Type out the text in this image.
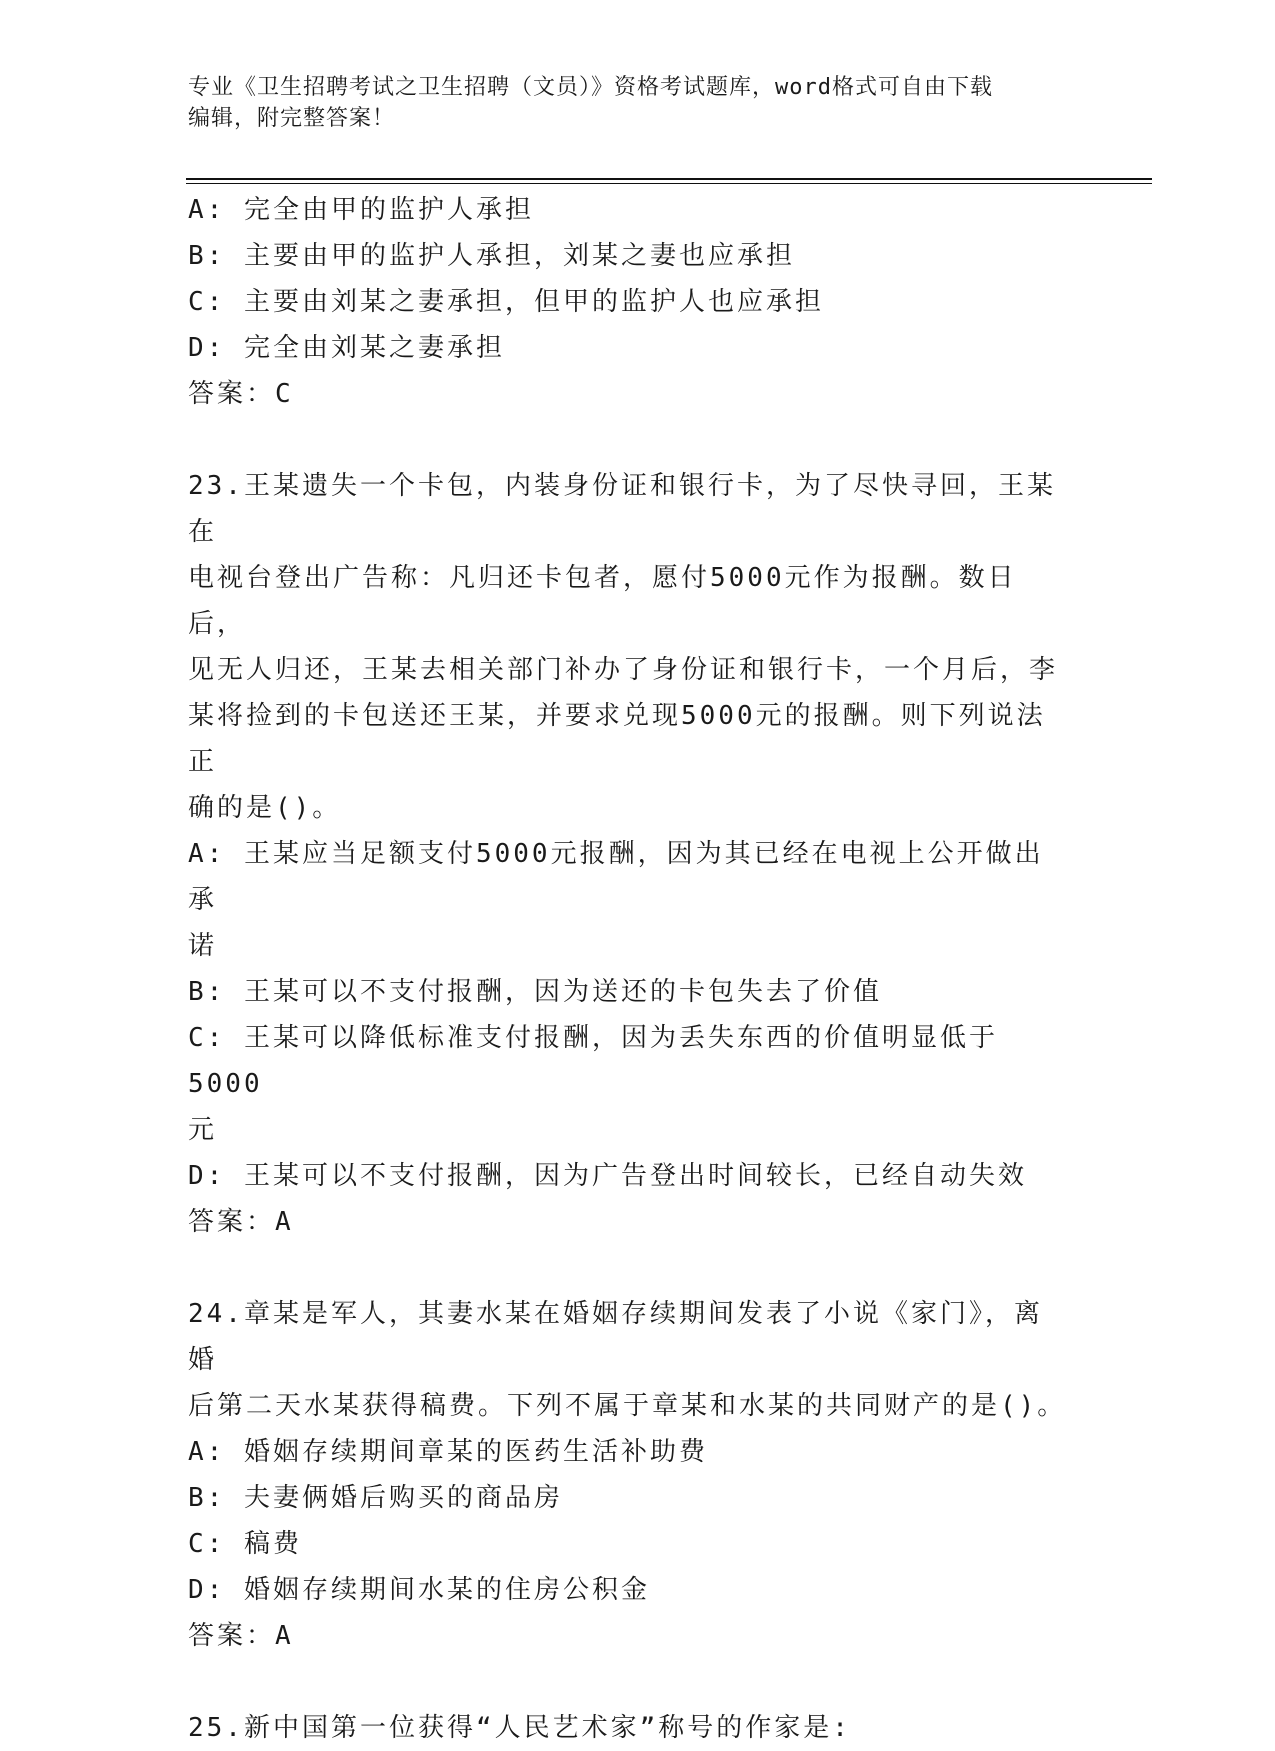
专业《卫生招聘考试之卫生招聘（文员）》资格考试题库，word格式可自由下载
编辑，附完整答案！
A: 完全由甲的监护人承担
B: 主要由甲的监护人承担，刘某之妻也应承担
C: 主要由刘某之妻承担，但甲的监护人也应承担
D: 完全由刘某之妻承担
答案：C
23.王某遗失一个卡包，内装身份证和银行卡，为了尽快寻回，王某在
电视台登出广告称：凡归还卡包者，愿付5000元作为报酬。数日后，
见无人归还，王某去相关部门补办了身份证和银行卡，一个月后，李
某将捡到的卡包送还王某，并要求兑现5000元的报酬。则下列说法正
确的是()。
A: 王某应当足额支付5000元报酬，因为其已经在电视上公开做出承
诺
B: 王某可以不支付报酬，因为送还的卡包失去了价值
C: 王某可以降低标准支付报酬，因为丢失东西的价值明显低于5000
元
D: 王某可以不支付报酬，因为广告登出时间较长，已经自动失效
答案：A
24.章某是军人，其妻水某在婚姻存续期间发表了小说《家门》，离婚
后第二天水某获得稿费。下列不属于章某和水某的共同财产的是()。
A: 婚姻存续期间章某的医药生活补助费
B: 夫妻俩婚后购买的商品房
C: 稿费
D: 婚姻存续期间水某的住房公积金
答案：A
25.新中国第一位获得“人民艺术家”称号的作家是:
